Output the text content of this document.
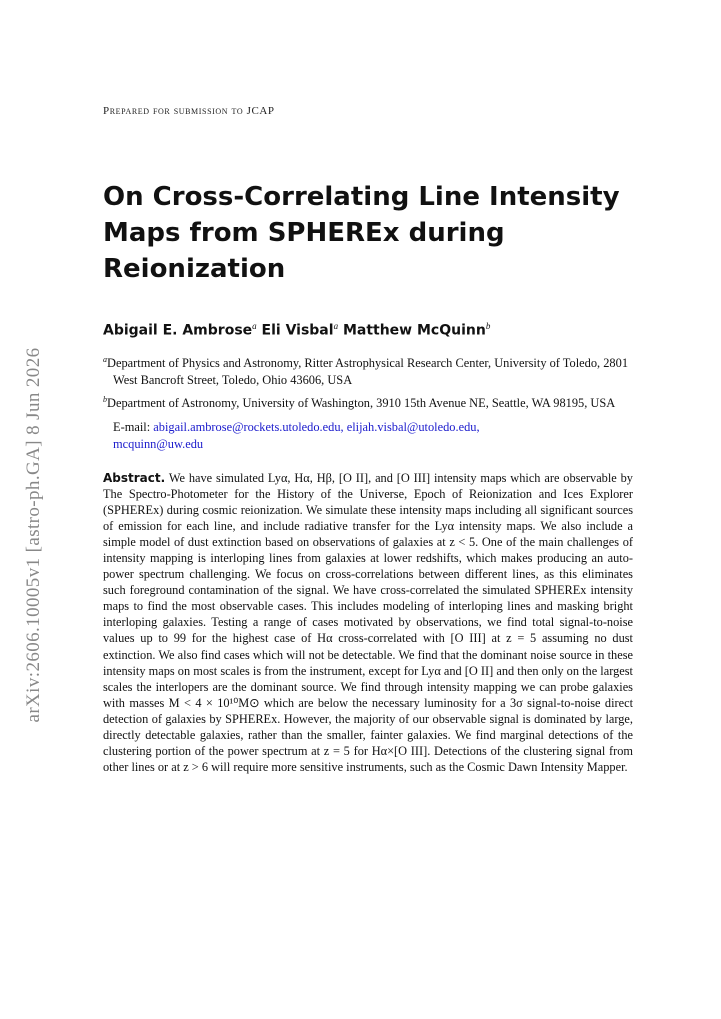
arXiv:2606.10005v1 [astro-ph.GA] 8 Jun 2026
Prepared for submission to JCAP
On Cross-Correlating Line Intensity Maps from SPHEREx during Reionization
Abigail E. Ambrose$^a$ Eli Visbal$^a$ Matthew McQuinn$^b$
$^a$Department of Physics and Astronomy, Ritter Astrophysical Research Center, University of Toledo, 2801 West Bancroft Street, Toledo, Ohio 43606, USA
$^b$Department of Astronomy, University of Washington, 3910 15th Avenue NE, Seattle, WA 98195, USA
E-mail: abigail.ambrose@rockets.utoledo.edu, elijah.visbal@utoledo.edu,
mcquinn@uw.edu

Abstract. We have simulated Lyα, Hα, Hβ, [O II], and [O III] intensity maps which are observable by The Spectro-Photometer for the History of the Universe, Epoch of Reionization and Ices Explorer (SPHEREx) during cosmic reionization. We simulate these intensity maps including all significant sources of emission for each line, and include radiative transfer for the Lyα intensity maps. We also include a simple model of dust extinction based on observations of galaxies at z < 5. One of the main challenges of intensity mapping is interloping lines from galaxies at lower redshifts, which makes producing an auto-power spectrum challenging. We focus on cross-correlations between different lines, as this eliminates such foreground contamination of the signal. We have cross-correlated the simulated SPHEREx intensity maps to find the most observable cases. This includes modeling of interloping lines and masking bright interloping galaxies. Testing a range of cases motivated by observations, we find total signal-to-noise values up to 99 for the highest case of Hα cross-correlated with [O III] at z = 5 assuming no dust extinction. We also find cases which will not be detectable. We find that the dominant noise source in these intensity maps on most scales is from the instrument, except for Lyα and [O II] and then only on the largest scales the interlopers are the dominant source. We find through intensity mapping we can probe galaxies with masses M < 4 × 10¹⁰M⊙ which are below the necessary luminosity for a 3σ signal-to-noise direct detection of galaxies by SPHEREx. However, the majority of our observable signal is dominated by large, directly detectable galaxies, rather than the smaller, fainter galaxies. We find marginal detections of the clustering portion of the power spectrum at z = 5 for Hα×[O III]. Detections of the clustering signal from other lines or at z > 6 will require more sensitive instruments, such as the Cosmic Dawn Intensity Mapper.
